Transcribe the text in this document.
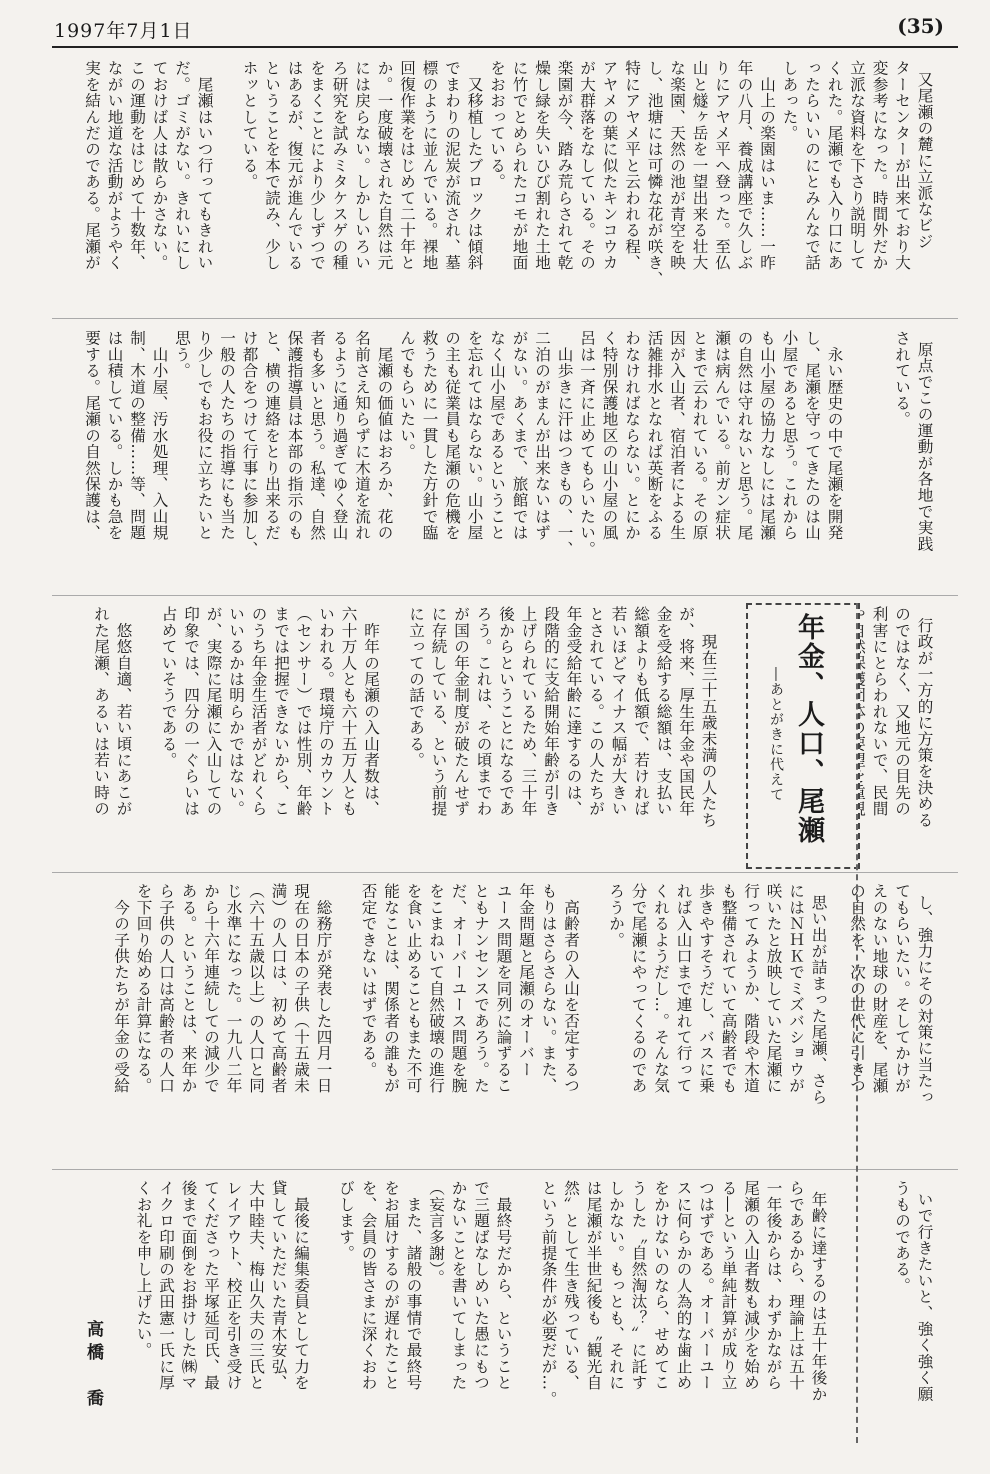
1997年7月1日	(35)

又尾瀬の麓に立派なビジ
ターセンターが出来ており大
変参考になった。時間外だか
立派な資料を下さり説明して
くれた。尾瀬でも入り口にあ
ったらいいのにとみんなで話
しあった。
　山上の楽園はいま……一昨
年の八月、養成講座で久しぶ
りにアヤメ平へ登った。至仏
山と燧ヶ岳を一望出来る壮大
な楽園、天然の池が青空を映
し、池塘には可憐な花が咲き、
特にアヤメ平と云われる程、
アヤメの葉に似たキンコウカ
が大群落をなしている。その
楽園が今、踏み荒らされて乾
燥し緑を失いひび割れた土地
に竹でとめられたコモが地面
をおおっている。
　又移植したブロックは傾斜
でまわりの泥炭が流され、墓
標のように並んでいる。裸地
回復作業をはじめて二十年と
か。一度破壊された自然は元
には戻らない。しかしいろい
ろ研究を試みミタケスゲの種
をまくことにより少しずつで
はあるが、復元が進んでいる
ということを本で読み、少し
ホッとしている。

　尾瀬はいつ行ってもきれい
だ。ゴミがない。きれいにし
ておけば人は散らかさない。
この運動をはじめて十数年、
ながい地道な活動がようやく
実を結んだのである。尾瀬が

原点でこの運動が各地で実践
されている。

　永い歴史の中で尾瀬を開発
し、尾瀬を守ってきたのは山
小屋であると思う。これから
も山小屋の協力なしには尾瀬
の自然は守れないと思う。尾
瀬は病んでいる。前ガン症状
とまで云われている。その原
因が入山者、宿泊者による生
活雑排水となれば英断をふる
わなければならない。とにか
く特別保護地区の山小屋の風
呂は一斉に止めてもらいたい。
　山歩きに汗はつきもの、一、
二泊のがまんが出来ないはず
がない。あくまで、旅館では
なく山小屋であるということ
を忘れてはならない。山小屋
の主も従業員も尾瀬の危機を
救うために一貫した方針で臨
んでもらいたい。
　尾瀬の価値はおろか、花の
名前さえ知らずに木道を流れ
るように通り過ぎてゆく登山
者も多いと思う。私達、自然
保護指導員は本部の指示のも
と、横の連絡をとり出来るだ
け都合をつけて行事に参加し、
一般の人たちの指導にも当た
り少しでもお役に立ちたいと
思う。
　山小屋、汚水処理、入山規
制、木道の整備……等、問題
は山積している。しかも急を
要する。尾瀬の自然保護は、

行政が一方的に方策を決める
のではなく、又地元の目先の
利害にとらわれないで、民間

　現在三十五歳未満の人たち
が、将来、厚生年金や国民年
金を受給する総額は、支払い
総額よりも低額で、若ければ
若いほどマイナス幅が大きい
とされている。この人たちが
年金受給年齢に達するのは、
段階的に支給開始年齢が引き
上げられているため、三十年
後からということになるであ
ろう。これは、その頃までわ
が国の年金制度が破たんせず
に存続している、という前提
に立っての話である。

　昨年の尾瀬の入山者数は、
六十万人とも六十五万人とも
いわれる。環境庁のカウント
（センサー）では性別、年齢
までは把握できないから、こ
のうち年金生活者がどれくら
いいるかは明らかではない。
が、実際に尾瀬に入山しての
印象では、四分の一ぐらいは
占めていそうである。

　悠悠自適、若い頃にあこが
れた尾瀬、あるいは若い時の	年金、人口、尾瀬
―あとがきに代えて

し、強力にその対策に当たっ
てもらいたい。そしてかけが
えのない地球の財産を、尾瀬
の自然を、次の世代に引きつ

思い出が詰まった尾瀬、さら
にはＮＨＫでミズバショウが
咲いたと放映していた尾瀬に
行ってみようか、階段や木道
も整備されていて高齢者でも
歩きやすそうだし、バスに乗
れば入山口まで連れて行って
くれるようだし…。そんな気
分で尾瀬にやってくるのであ
ろうか。

　高齢者の入山を否定するつ
もりはさらさらない。また、
年金問題と尾瀬のオーバー
ユース問題を同列に論ずるこ
ともナンセンスであろう。た
だ、オーバーユース問題を腕
をこまねいて自然破壊の進行
を食い止めることもまた不可
能なことは、関係者の誰もが
否定できないはずである。

　総務庁が発表した四月一日
現在の日本の子供（十五歳未
満）の人口は、初めて高齢者
（六十五歳以上）の人口と同
じ水準になった。一九八二年
から十六年連続しての減少で
ある。ということは、来年か
ら子供の人口は高齢者の人口
を下回り始める計算になる。
　今の子供たちが年金の受給

いで行きたいと、強く強く願
うものである。

年齢に達するのは五十年後か
らであるから、理論上は五十
一年後からは、わずかながら
尾瀬の入山者数も減少を始め
る―という単純計算が成り立
つはずである。オーバーユー
スに何らかの人為的な歯止め
をかけないのなら、せめてこ
うした〝自然淘汰？〟に託す
しかない。もっとも、それに
は尾瀬が半世紀後も〝観光自
然〟として生き残っている、
という前提条件が必要だが…。

　最終号だから、ということ
で三題ばなしめいた愚にもつ
かないことを書いてしまった
（妄言多謝）。
　また、諸般の事情で最終号
をお届けするのが遅れたこと
を、会員の皆さまに深くおわ
びします。

　最後に編集委員として力を
貸していただいた青木安弘、
大中睦夫、梅山久夫の三氏と
レイアウト、校正を引き受け
てくださった平塚延司氏、最
後まで面倒をお掛けした㈱マ
イクロ印刷の武田憲一氏に厚
くお礼を申し上げたい。

高橋　喬
